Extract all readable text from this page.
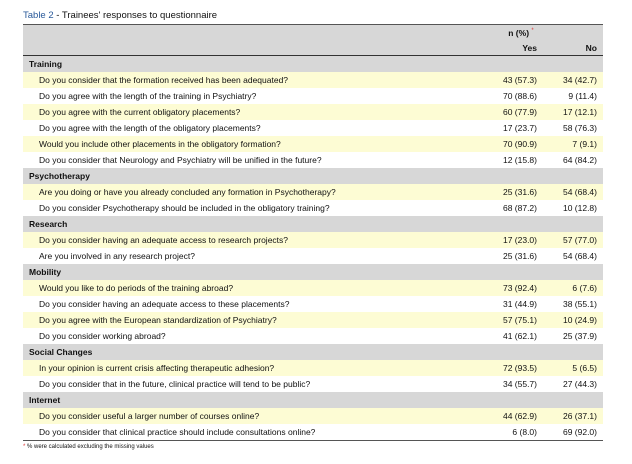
Table 2 - Trainees' responses to questionnaire
n (%) *
Yes	No
Training
Do you consider that the formation received has been adequated?	43 (57.3)	34 (42.7)
Do you agree with the length of the training in Psychiatry?	70 (88.6)	9 (11.4)
Do you agree with the current obligatory placements?	60 (77.9)	17 (12.1)
Do you agree with the length of the obligatory placements?	17 (23.7)	58 (76.3)
Would you include other placements in the obligatory formation?	70 (90.9)	7 (9.1)
Do you consider that Neurology and Psychiatry will be unified in the future?	12 (15.8)	64 (84.2)
Psychotherapy
Are you doing or have you already concluded any formation in Psychotherapy?	25 (31.6)	54 (68.4)
Do you consider Psychotherapy should be included in the obligatory training?	68 (87.2)	10 (12.8)
Research
Do you consider having an adequate access to research projects?	17 (23.0)	57 (77.0)
Are you involved in any research project?	25 (31.6)	54 (68.4)
Mobility
Would you like to do periods of the training abroad?	73 (92.4)	6 (7.6)
Do you consider having an adequate access to these placements?	31 (44.9)	38 (55.1)
Do you agree with the European standardization of Psychiatry?	57 (75.1)	10 (24.9)
Do you consider working abroad?	41 (62.1)	25 (37.9)
Social Changes
In your opinion is current crisis affecting therapeutic adhesion?	72 (93.5)	5 (6.5)
Do you consider that in the future, clinical practice will tend to be public?	34 (55.7)	27 (44.3)
Internet
Do you consider useful a larger number of courses online?	44 (62.9)	26 (37.1)
Do you consider that clinical practice should include consultations online?	6 (8.0)	69 (92.0)
* % were calculated excluding the missing values
